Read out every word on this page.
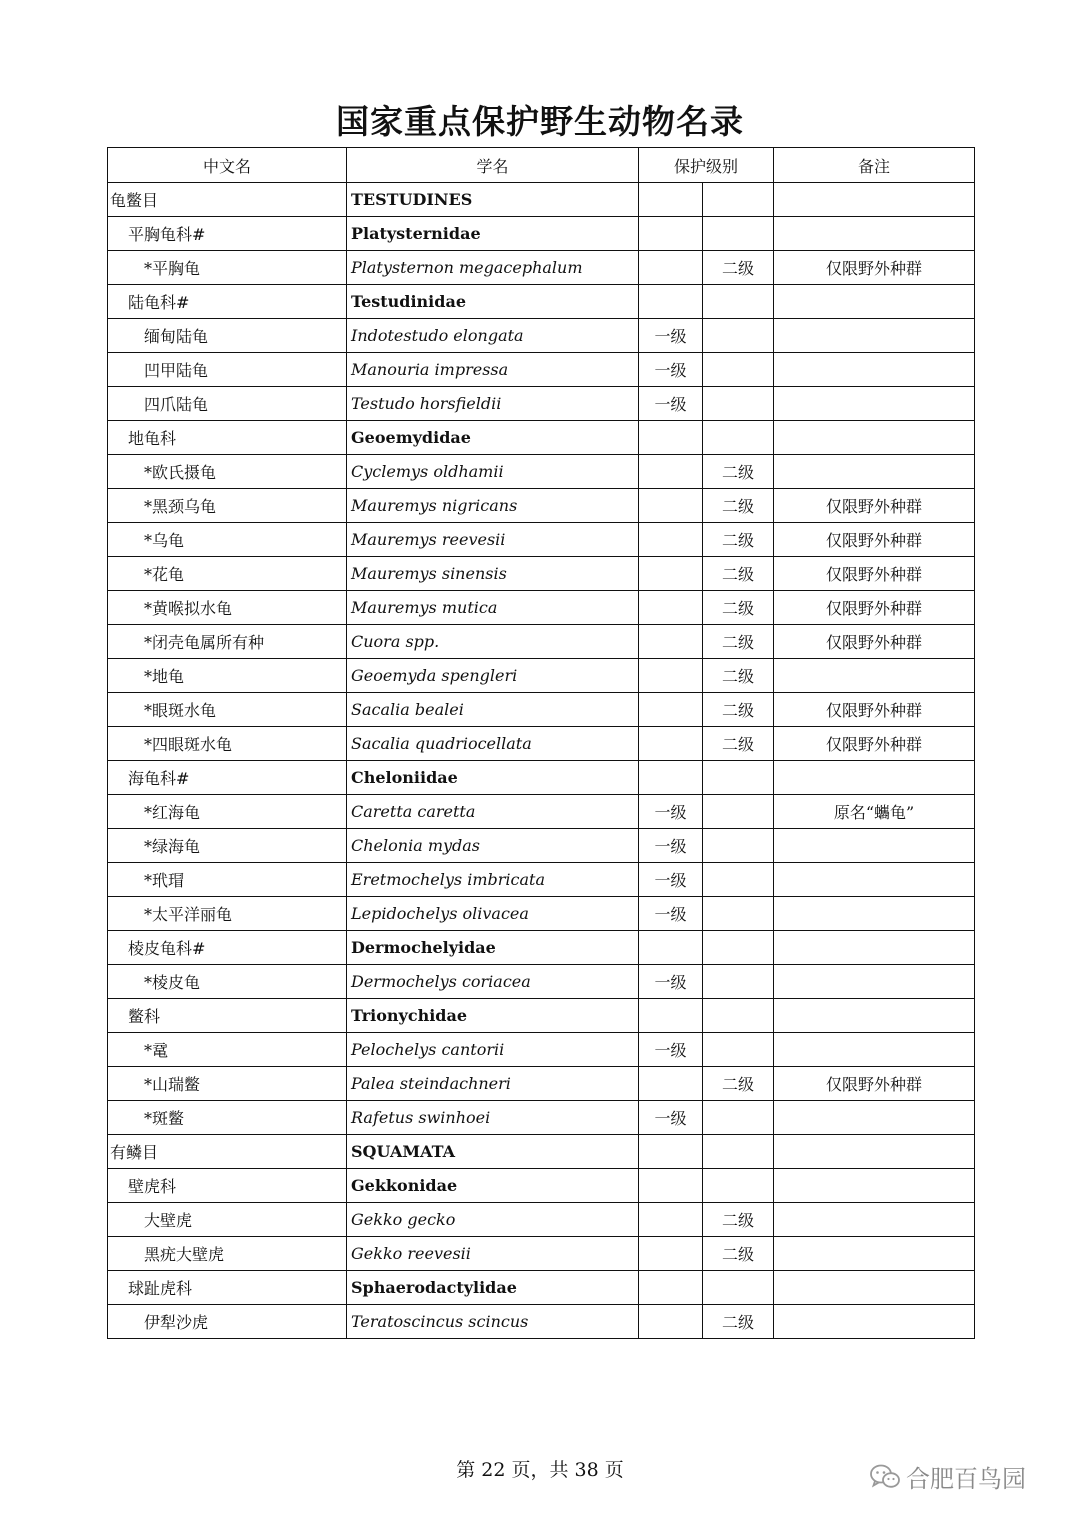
国家重点保护野生动物名录
中文名	学名	保护级别		备注
龟鳖目	TESTUDINES			
平胸龟科#	Platysternidae			
*平胸龟	Platysternon megacephalum		二级	仅限野外种群
陆龟科#	Testudinidae			
缅甸陆龟	Indotestudo elongata	一级		
凹甲陆龟	Manouria impressa	一级		
四爪陆龟	Testudo horsfieldii	一级		
地龟科	Geoemydidae			
*欧氏摄龟	Cyclemys oldhamii		二级	
*黑颈乌龟	Mauremys nigricans		二级	仅限野外种群
*乌龟	Mauremys reevesii		二级	仅限野外种群
*花龟	Mauremys sinensis		二级	仅限野外种群
*黄喉拟水龟	Mauremys mutica		二级	仅限野外种群
*闭壳龟属所有种	Cuora spp.		二级	仅限野外种群
*地龟	Geoemyda spengleri		二级	
*眼斑水龟	Sacalia bealei		二级	仅限野外种群
*四眼斑水龟	Sacalia quadriocellata		二级	仅限野外种群
海龟科#	Cheloniidae			
*红海龟	Caretta caretta	一级		原名“蠵龟”
*绿海龟	Chelonia mydas	一级		
*玳瑁	Eretmochelys imbricata	一级		
*太平洋丽龟	Lepidochelys olivacea	一级		
棱皮龟科#	Dermochelyidae			
*棱皮龟	Dermochelys coriacea	一级		
鳖科	Trionychidae			
*鼋	Pelochelys cantorii	一级		
*山瑞鳖	Palea steindachneri		二级	仅限野外种群
*斑鳖	Rafetus swinhoei	一级		
有鳞目	SQUAMATA			
壁虎科	Gekkonidae			
大壁虎	Gekko gecko		二级	
黑疣大壁虎	Gekko reevesii		二级	
球趾虎科	Sphaerodactylidae			
伊犁沙虎	Teratoscincus scincus		二级	
第 22 页，共 38 页	合肥百鸟园
